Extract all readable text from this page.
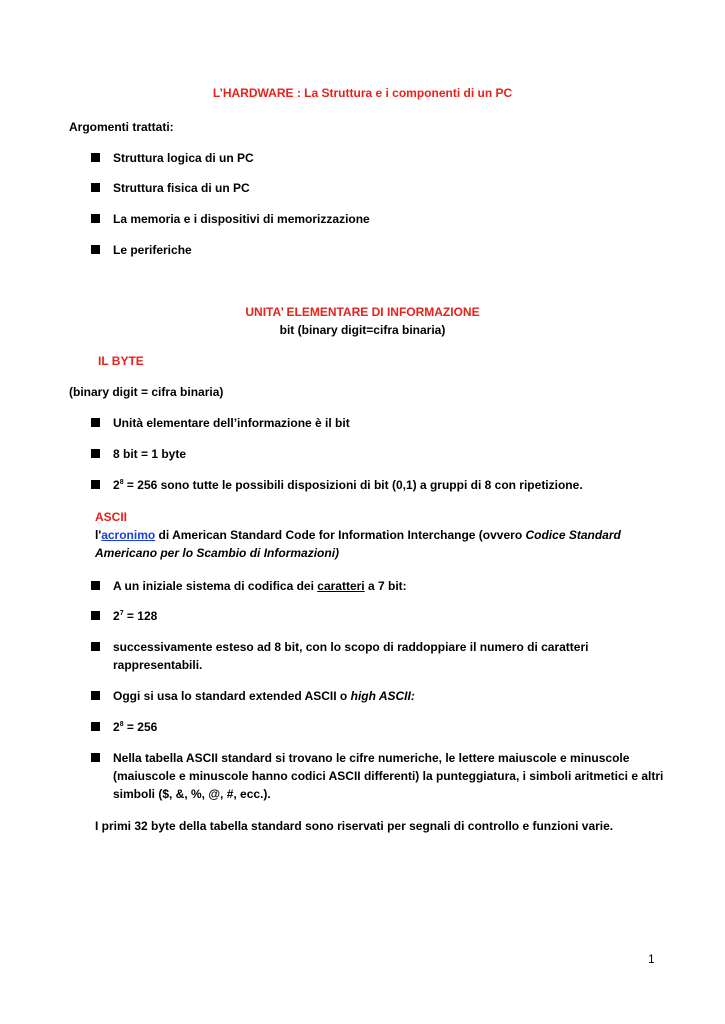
L’HARDWARE : La Struttura e i componenti di un PC
Argomenti trattati:
Struttura logica di un PC
Struttura fisica di un PC
La memoria e i dispositivi di memorizzazione
Le periferiche
UNITA’ ELEMENTARE DI INFORMAZIONE
bit (binary digit=cifra binaria)
IL BYTE
(binary digit = cifra binaria)
Unità elementare dell’informazione è il bit
8 bit = 1 byte
$2^8 = 256$ sono tutte le possibili disposizioni di bit (0,1) a gruppi di 8 con ripetizione.
ASCII
l'acronimo di American Standard Code for Information Interchange (ovvero Codice Standard
Americano per lo Scambio di Informazioni)
A un iniziale sistema di codifica dei caratteri a 7 bit:
$2^7 = 128$
successivamente esteso ad 8 bit, con lo scopo di raddoppiare il numero di caratteri
rappresentabili.
Oggi si usa lo standard extended ASCII o high ASCII:
$2^8 = 256$
Nella tabella ASCII standard si trovano le cifre numeriche, le lettere maiuscole e minuscole
(maiuscole e minuscole hanno codici ASCII differenti) la punteggiatura, i simboli aritmetici e altri
simboli ($, &, %, @, #, ecc.).
I primi 32 byte della tabella standard sono riservati per segnali di controllo e funzioni varie.
1
